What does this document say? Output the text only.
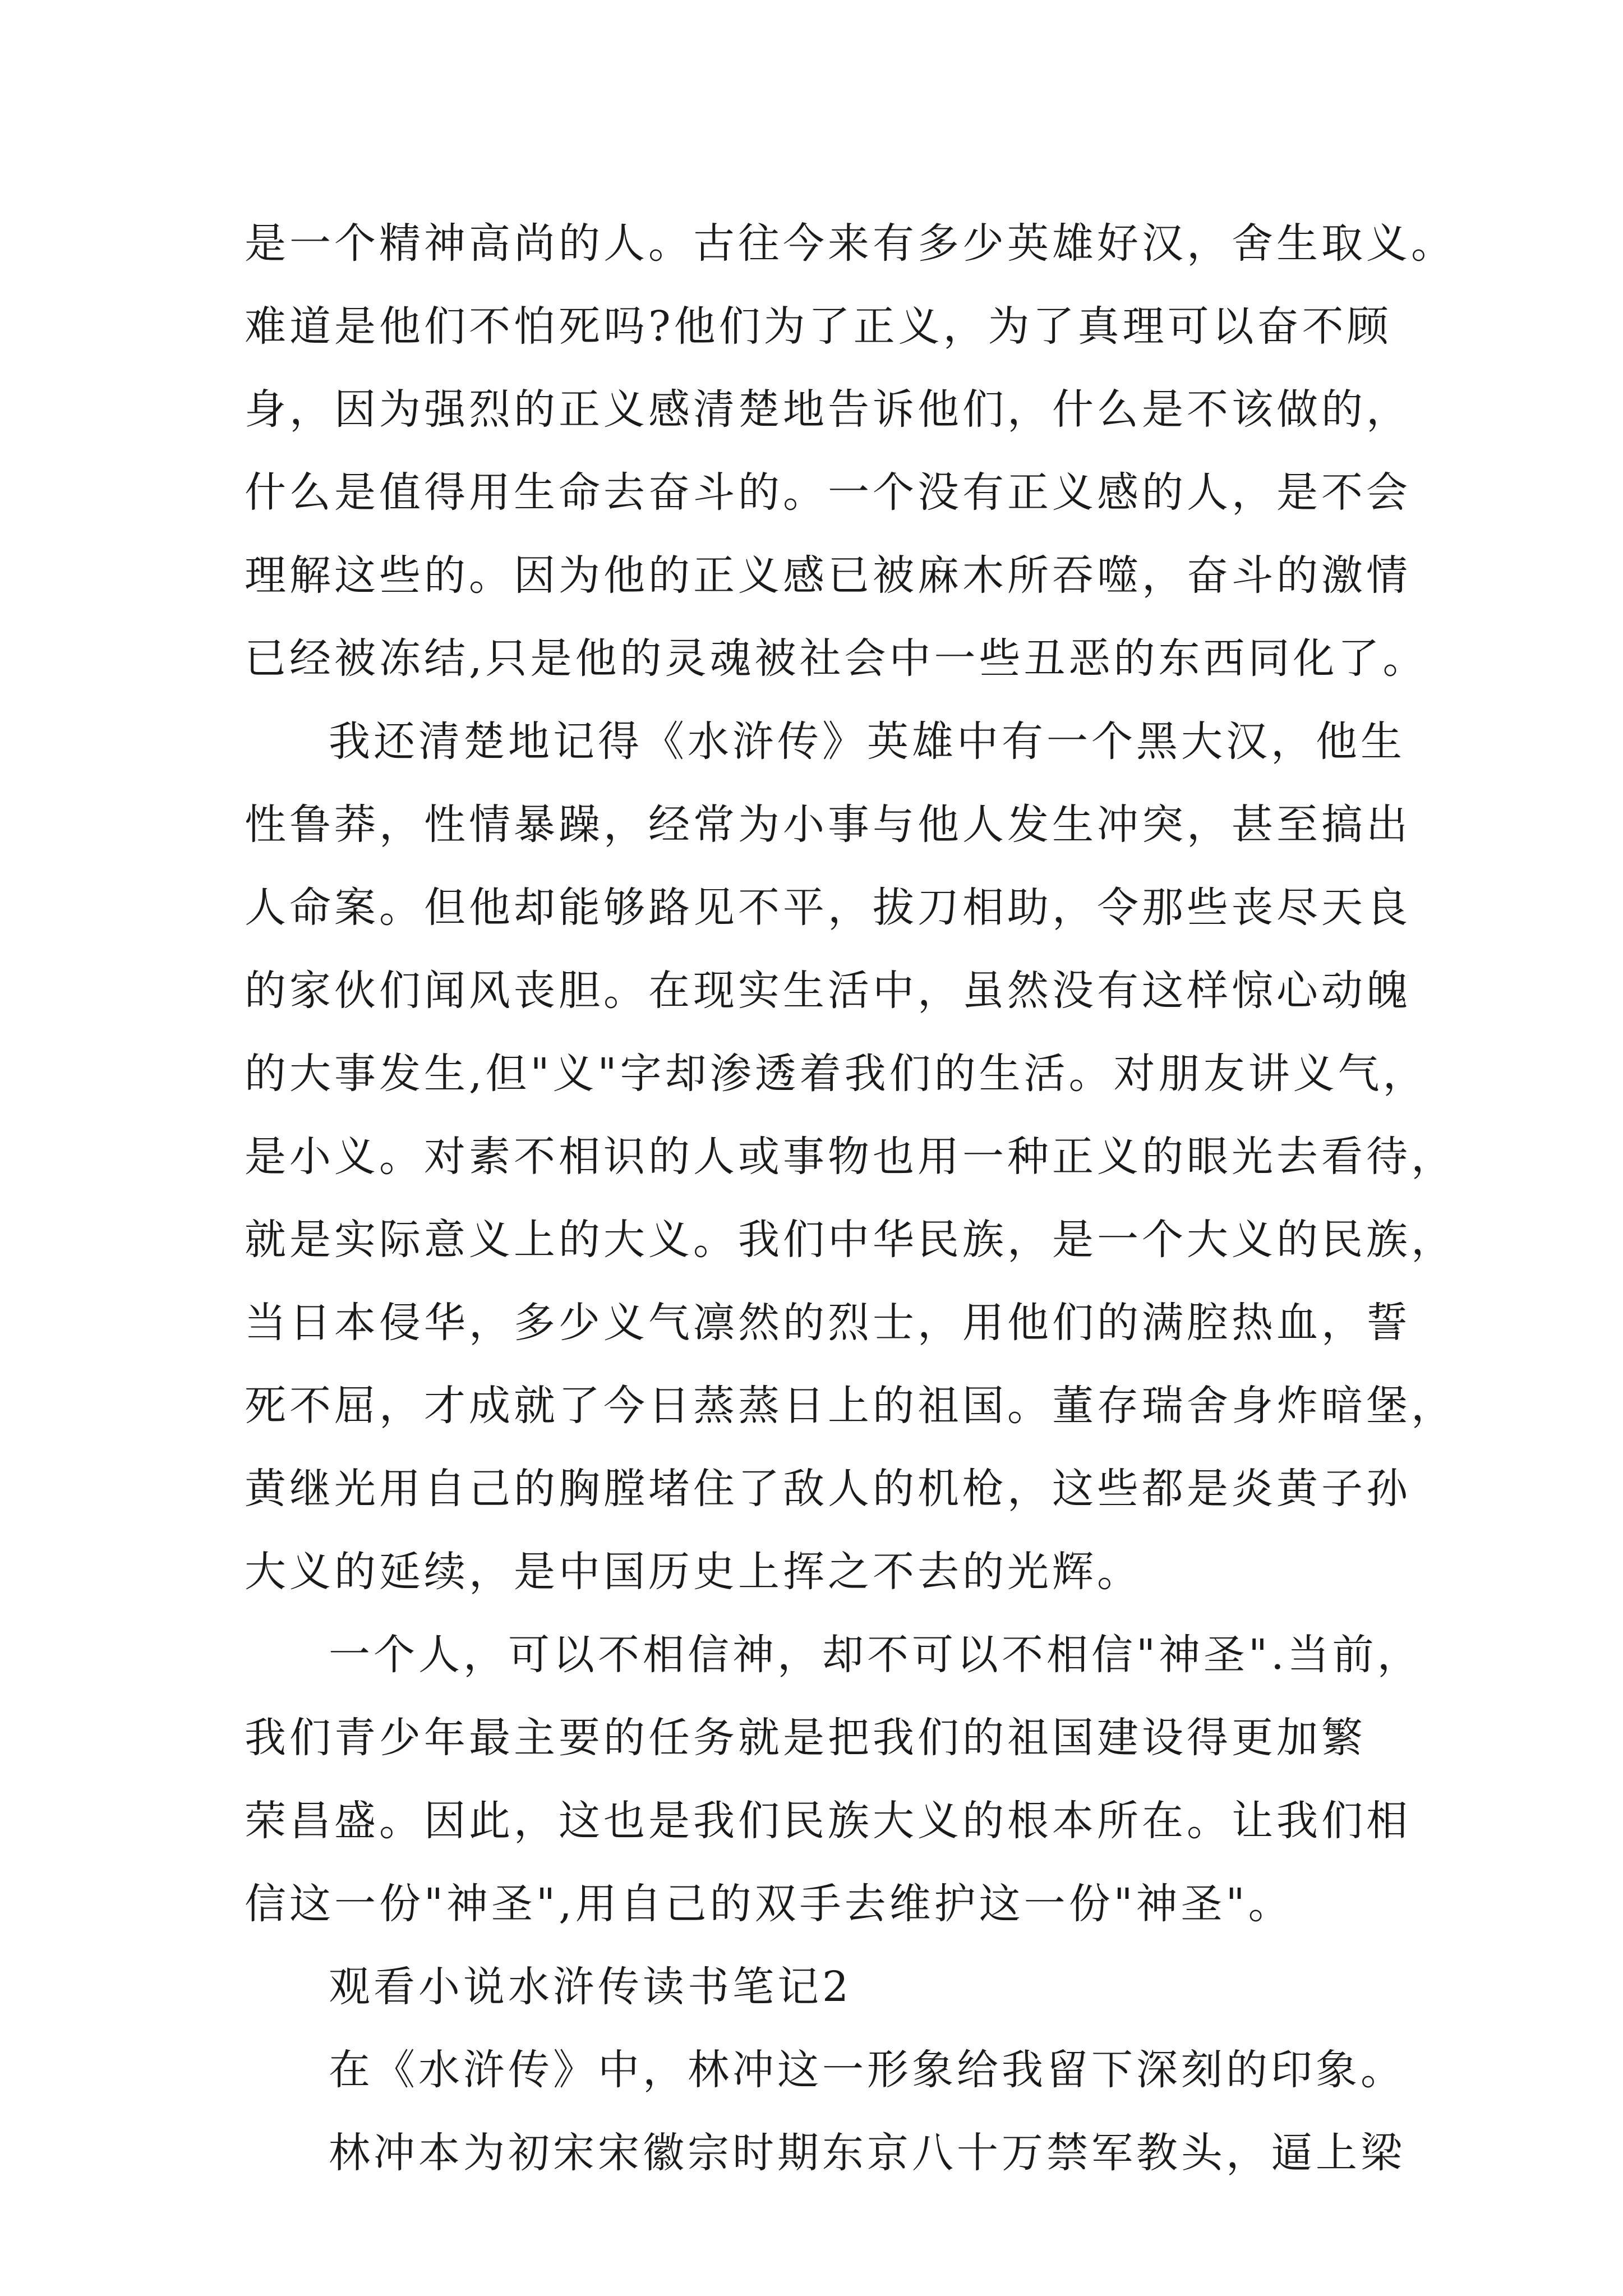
是一个精神高尚的人。古往今来有多少英雄好汉，舍生取义。
难道是他们不怕死吗?他们为了正义，为了真理可以奋不顾
身，因为强烈的正义感清楚地告诉他们，什么是不该做的，
什么是值得用生命去奋斗的。一个没有正义感的人，是不会
理解这些的。因为他的正义感已被麻木所吞噬，奋斗的激情
已经被冻结,只是他的灵魂被社会中一些丑恶的东西同化了。
我还清楚地记得《水浒传》英雄中有一个黑大汉，他生
性鲁莽，性情暴躁，经常为小事与他人发生冲突，甚至搞出
人命案。但他却能够路见不平，拔刀相助，令那些丧尽天良
的家伙们闻风丧胆。在现实生活中，虽然没有这样惊心动魄
的大事发生,但"义"字却渗透着我们的生活。对朋友讲义气，
是小义。对素不相识的人或事物也用一种正义的眼光去看待，
就是实际意义上的大义。我们中华民族，是一个大义的民族，
当日本侵华，多少义气凛然的烈士，用他们的满腔热血，誓
死不屈，才成就了今日蒸蒸日上的祖国。董存瑞舍身炸暗堡，
黄继光用自己的胸膛堵住了敌人的机枪，这些都是炎黄子孙
大义的延续，是中国历史上挥之不去的光辉。
一个人，可以不相信神，却不可以不相信"神圣".当前，
我们青少年最主要的任务就是把我们的祖国建设得更加繁
荣昌盛。因此，这也是我们民族大义的根本所在。让我们相
信这一份"神圣",用自己的双手去维护这一份"神圣"。
观看小说水浒传读书笔记2
在《水浒传》中，林冲这一形象给我留下深刻的印象。
林冲本为初宋宋徽宗时期东京八十万禁军教头，逼上梁
